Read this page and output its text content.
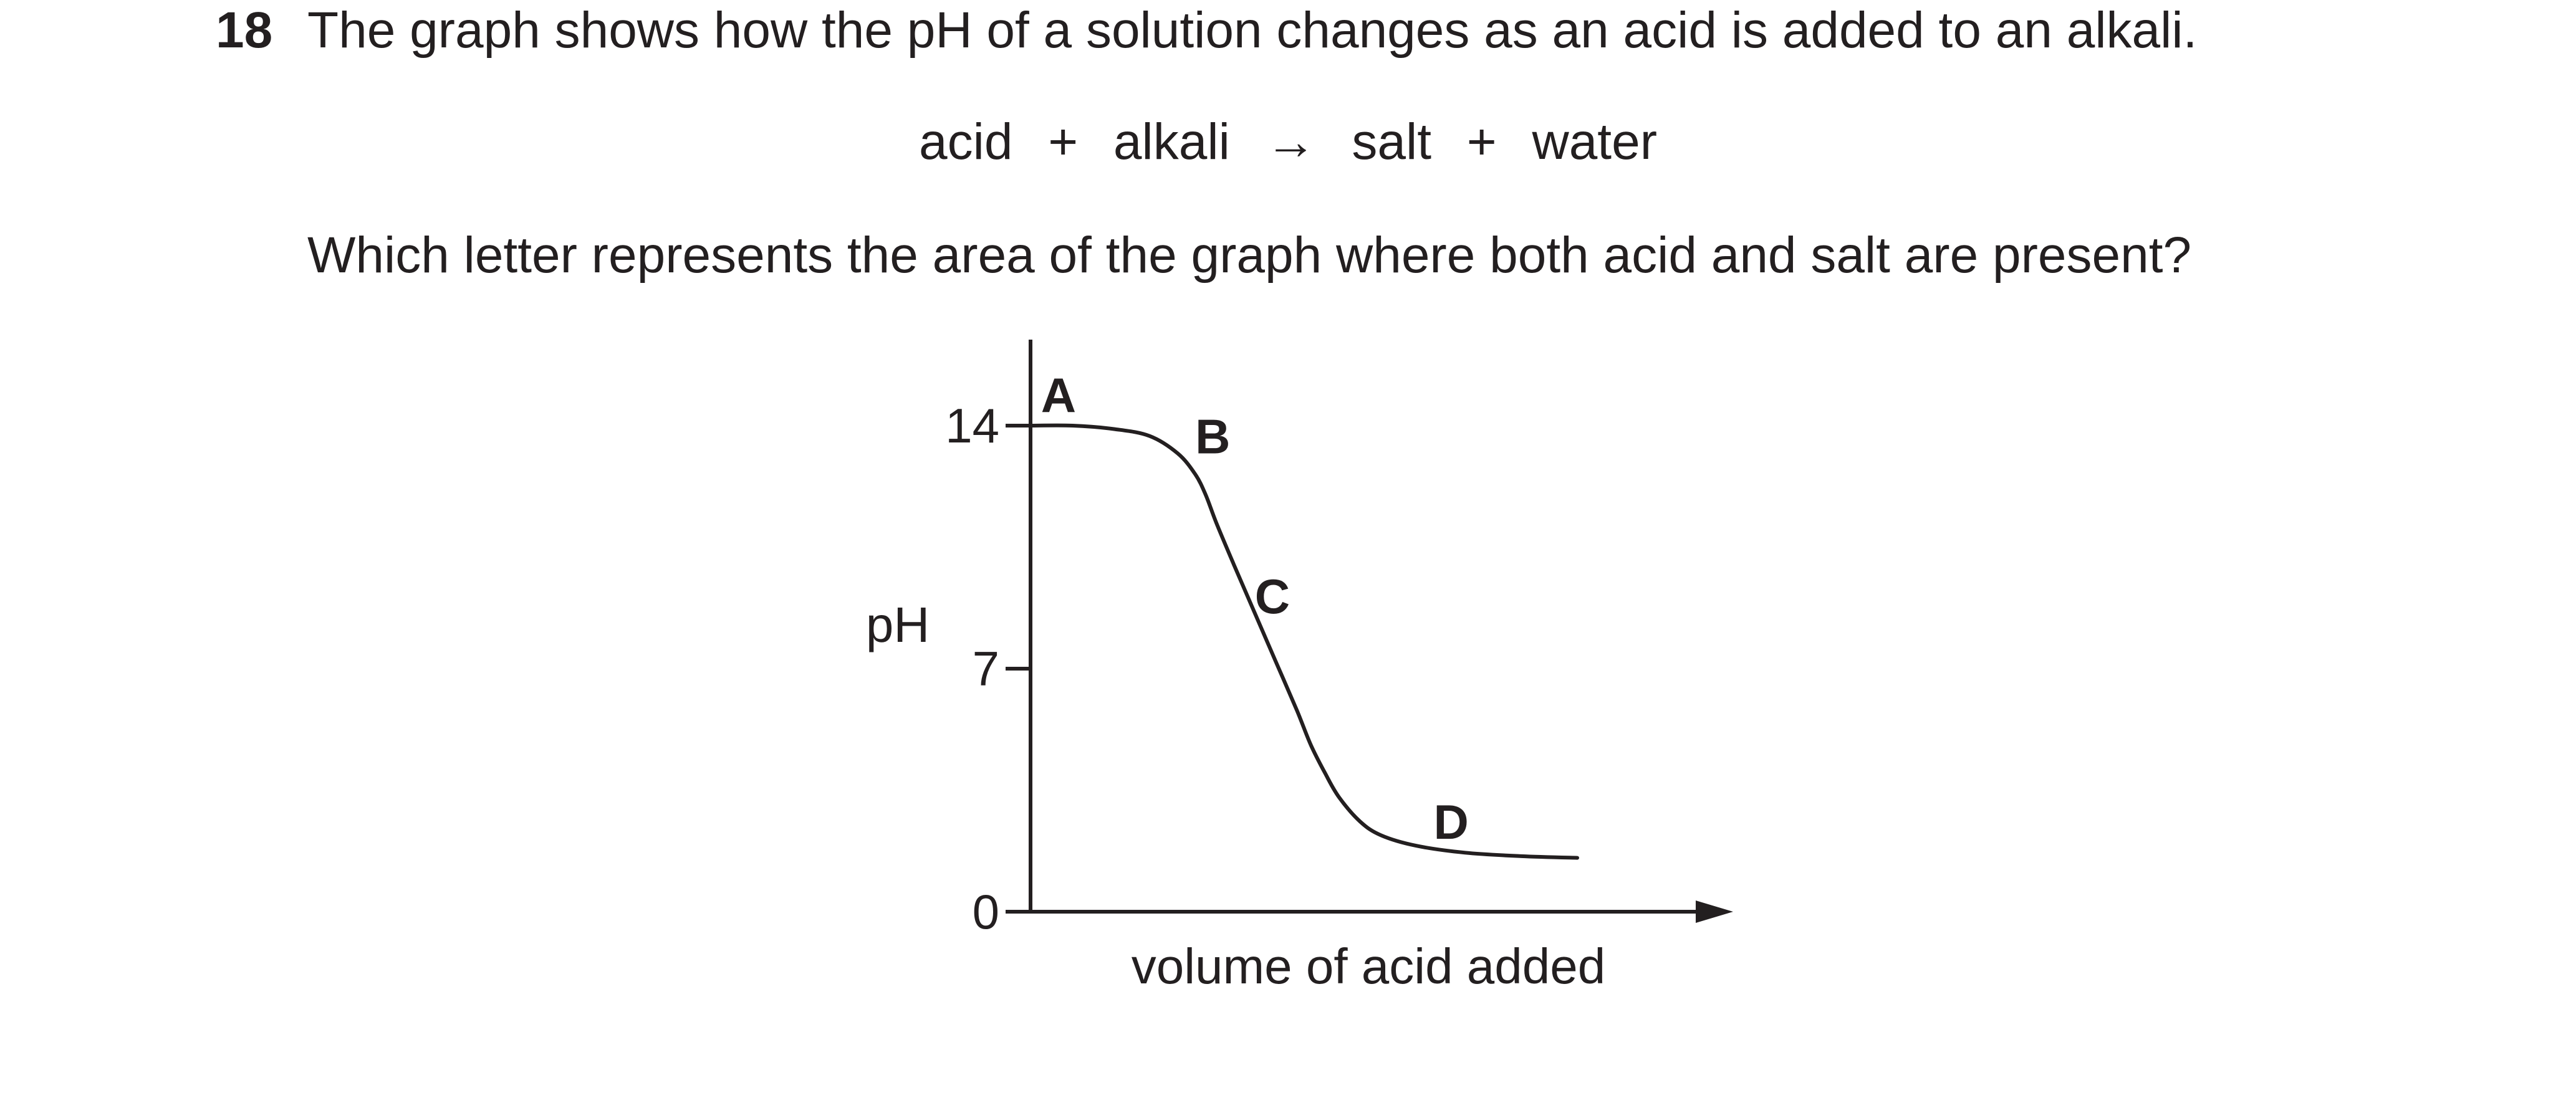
18 The graph shows how the pH of a solution changes as an acid is added to an alkali.
acid + alkali → salt + water
Which letter represents the area of the graph where both acid and salt are present?
0
7
14
A
B
C
D
pH
volume of acid added
